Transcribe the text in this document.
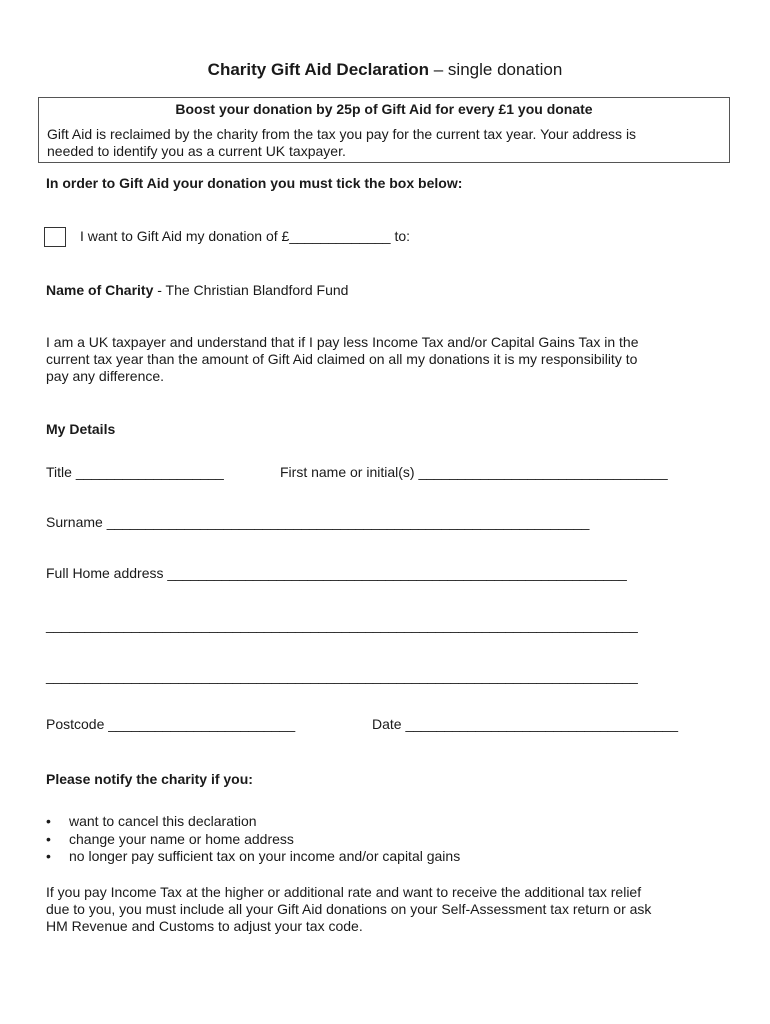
Charity Gift Aid Declaration – single donation
Boost your donation by 25p of Gift Aid for every £1 you donate
Gift Aid is reclaimed by the charity from the tax you pay for the current tax year. Your address is
needed to identify you as a current UK taxpayer.
In order to Gift Aid your donation you must tick the box below:
I want to Gift Aid my donation of £_____________ to:
Name of Charity - The Christian Blandford Fund
I am a UK taxpayer and understand that if I pay less Income Tax and/or Capital Gains Tax in the
current tax year than the amount of Gift Aid claimed on all my donations it is my responsibility to
pay any difference.
My Details
Title ___________________	First name or initial(s) ________________________________
Surname ______________________________________________________________
Full Home address ___________________________________________________________
____________________________________________________________________________
____________________________________________________________________________
Postcode ________________________	Date ___________________________________
Please notify the charity if you:
• want to cancel this declaration
• change your name or home address
• no longer pay sufficient tax on your income and/or capital gains
If you pay Income Tax at the higher or additional rate and want to receive the additional tax relief
due to you, you must include all your Gift Aid donations on your Self-Assessment tax return or ask
HM Revenue and Customs to adjust your tax code.
